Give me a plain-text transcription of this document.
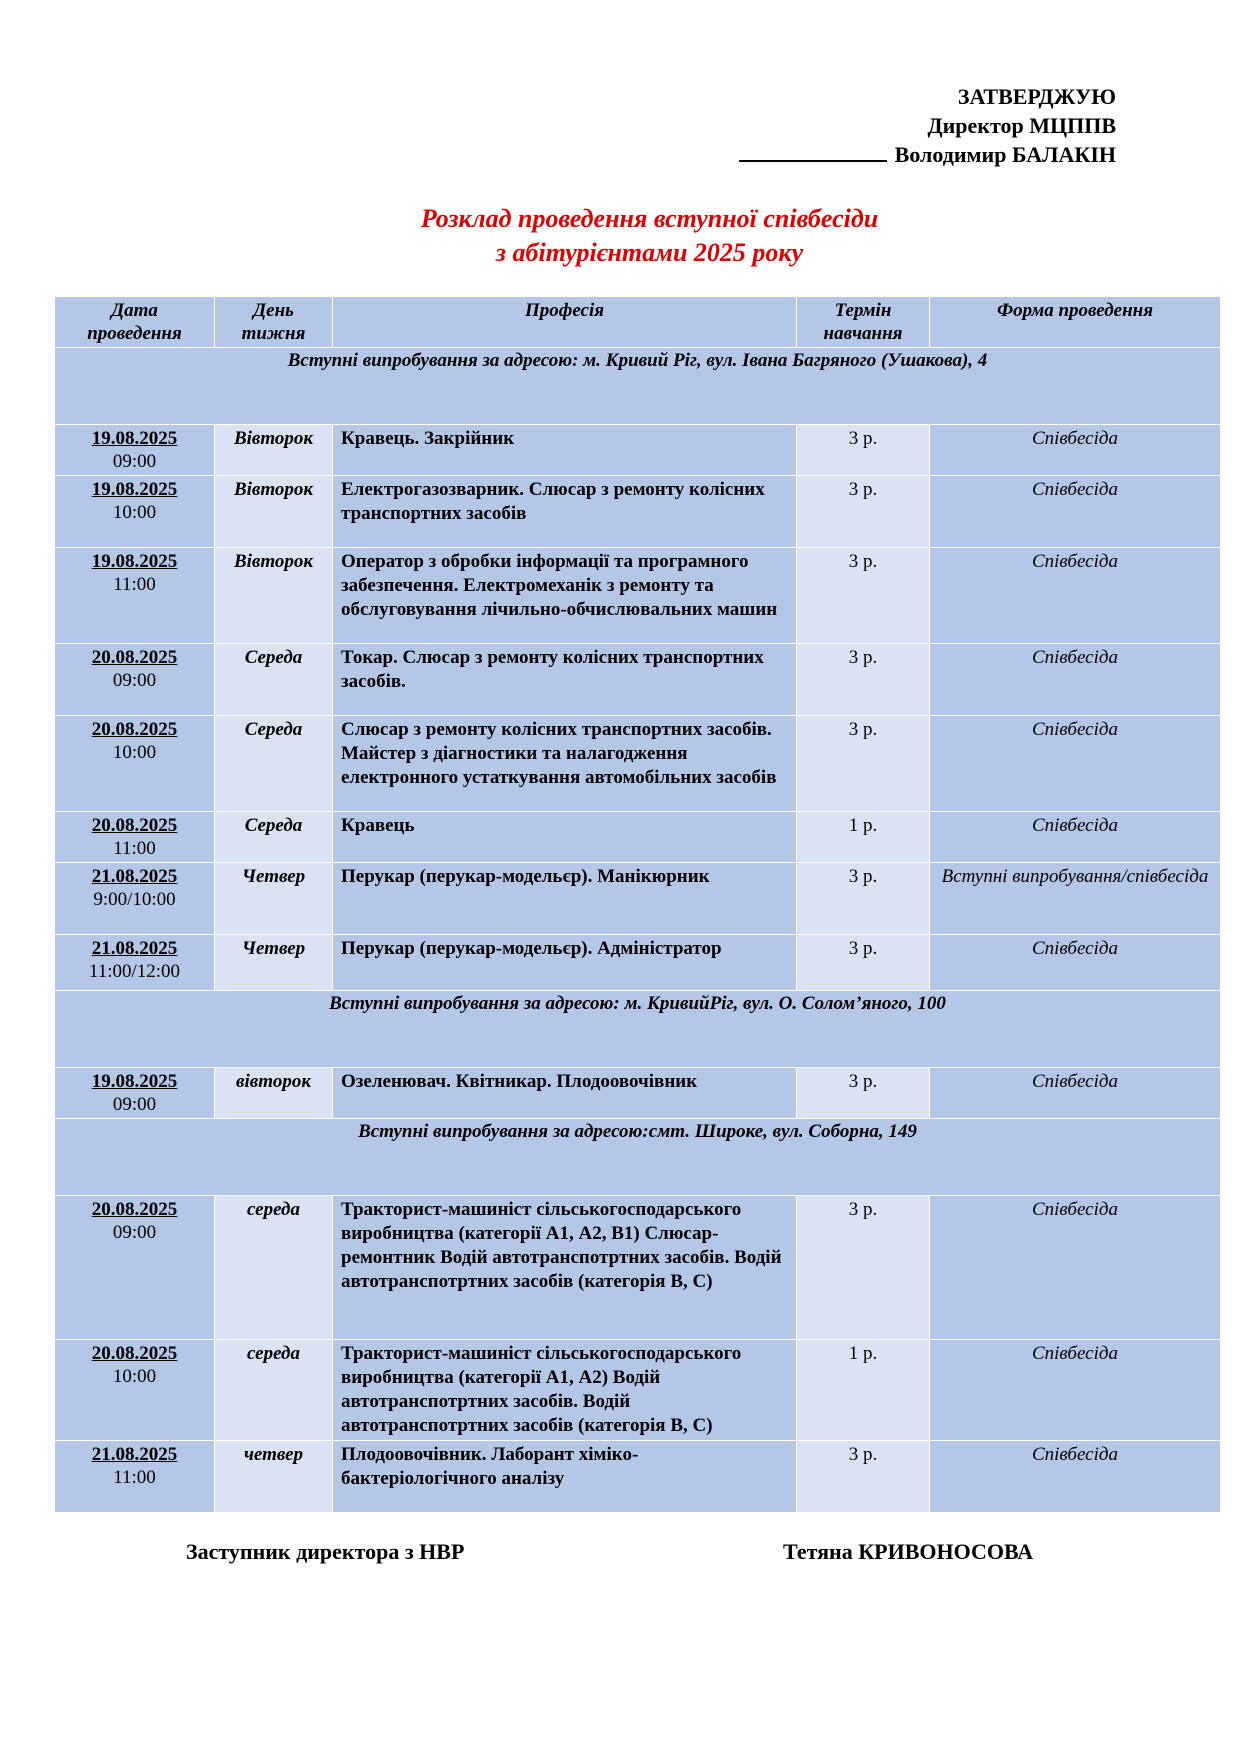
ЗАТВЕРДЖУЮ
Директор МЦППВ
Володимир БАЛАКІН
Розклад проведення вступної співбесіди
з абітурієнтами 2025 року
Дата проведення	День тижня	Професія	Термін навчання	Форма проведення
Вступні випробування за адресою: м. Кривий Ріг, вул. Івана Багряного (Ушакова), 4				

19.08.2025
09:00	Вівторок	Кравець. Закрійник	3 р.	Співбесіда

19.08.2025
10:00	Вівторок	Електрогазозварник. Слюсар з ремонту колісних транспортних засобів	3 р.	Співбесіда

19.08.2025
11:00	Вівторок	Оператор з обробки інформації та програмного забезпечення. Електромеханік з ремонту та обслуговування лічильно-обчислювальних машин	3 р.	Співбесіда

20.08.2025
09:00	Середа	Токар. Слюсар з ремонту колісних транспортних засобів.	3 р.	Співбесіда

20.08.2025
10:00	Середа	Слюсар з ремонту колісних транспортних засобів. Майстер з діагностики та налагодження електронного устаткування автомобільних засобів	3 р.	Співбесіда

20.08.2025
11:00	Середа	Кравець	1 р.	Співбесіда

21.08.2025
9:00/10:00	Четвер	Перукар (перукар-модельєр). Манікюрник	3 р.	Вступні випробування/співбесіда

21.08.2025
11:00/12:00	Четвер	Перукар (перукар-модельєр). Адміністратор	3 р.	Співбесіда
Вступні випробування за адресою: м. КривийРіг, вул. О. Солом’яного, 100				

19.08.2025
09:00	вівторок	Озеленювач. Квітникар. Плодоовочівник	3 р.	Співбесіда
Вступні випробування за адресою:смт. Широке, вул. Соборна, 149				

20.08.2025
09:00	середа	Тракторист-машиніст сільськогосподарського виробництва (категорії А1, А2, В1) Слюсар-ремонтник Водій автотранспотртних засобів. Водій автотранспотртних засобів (категорія В, С)	3 р.	Співбесіда

20.08.2025
10:00	середа	Тракторист-машиніст сільськогосподарського виробництва (категорії А1, А2) Водій автотранспотртних засобів. Водій автотранспотртних засобів (категорія В, С)	1 р.	Співбесіда

21.08.2025
11:00	четвер	Плодоовочівник. Лаборант хіміко-бактеріологічного аналізу	3 р.	Співбесіда
Заступник директора з НВР	Тетяна КРИВОНОСОВА
